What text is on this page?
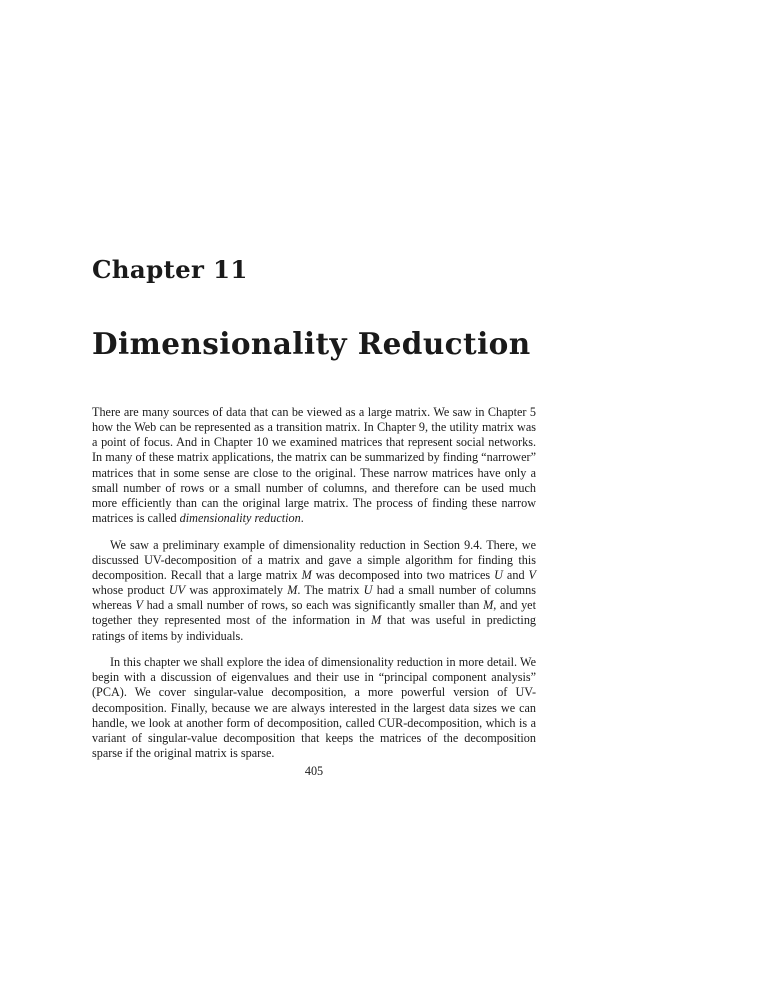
Chapter 11
Dimensionality Reduction

There are many sources of data that can be viewed as a large matrix. We saw in Chapter 5 how the Web can be represented as a transition matrix. In Chapter 9, the utility matrix was a point of focus. And in Chapter 10 we examined matrices that represent social networks. In many of these matrix applications, the matrix can be summarized by finding “narrower” matrices that in some sense are close to the original. These narrow matrices have only a small number of rows or a small number of columns, and therefore can be used much more efficiently than can the original large matrix. The process of finding these narrow matrices is called dimensionality reduction.

We saw a preliminary example of dimensionality reduction in Section 9.4. There, we discussed UV-decomposition of a matrix and gave a simple algorithm for finding this decomposition. Recall that a large matrix M was decomposed into two matrices U and V whose product UV was approximately M. The matrix U had a small number of columns whereas V had a small number of rows, so each was significantly smaller than M, and yet together they represented most of the information in M that was useful in predicting ratings of items by individuals.

In this chapter we shall explore the idea of dimensionality reduction in more detail. We begin with a discussion of eigenvalues and their use in “principal component analysis” (PCA). We cover singular-value decomposition, a more powerful version of UV-decomposition. Finally, because we are always interested in the largest data sizes we can handle, we look at another form of decomposition, called CUR-decomposition, which is a variant of singular-value decomposition that keeps the matrices of the decomposition sparse if the original matrix is sparse.

405
